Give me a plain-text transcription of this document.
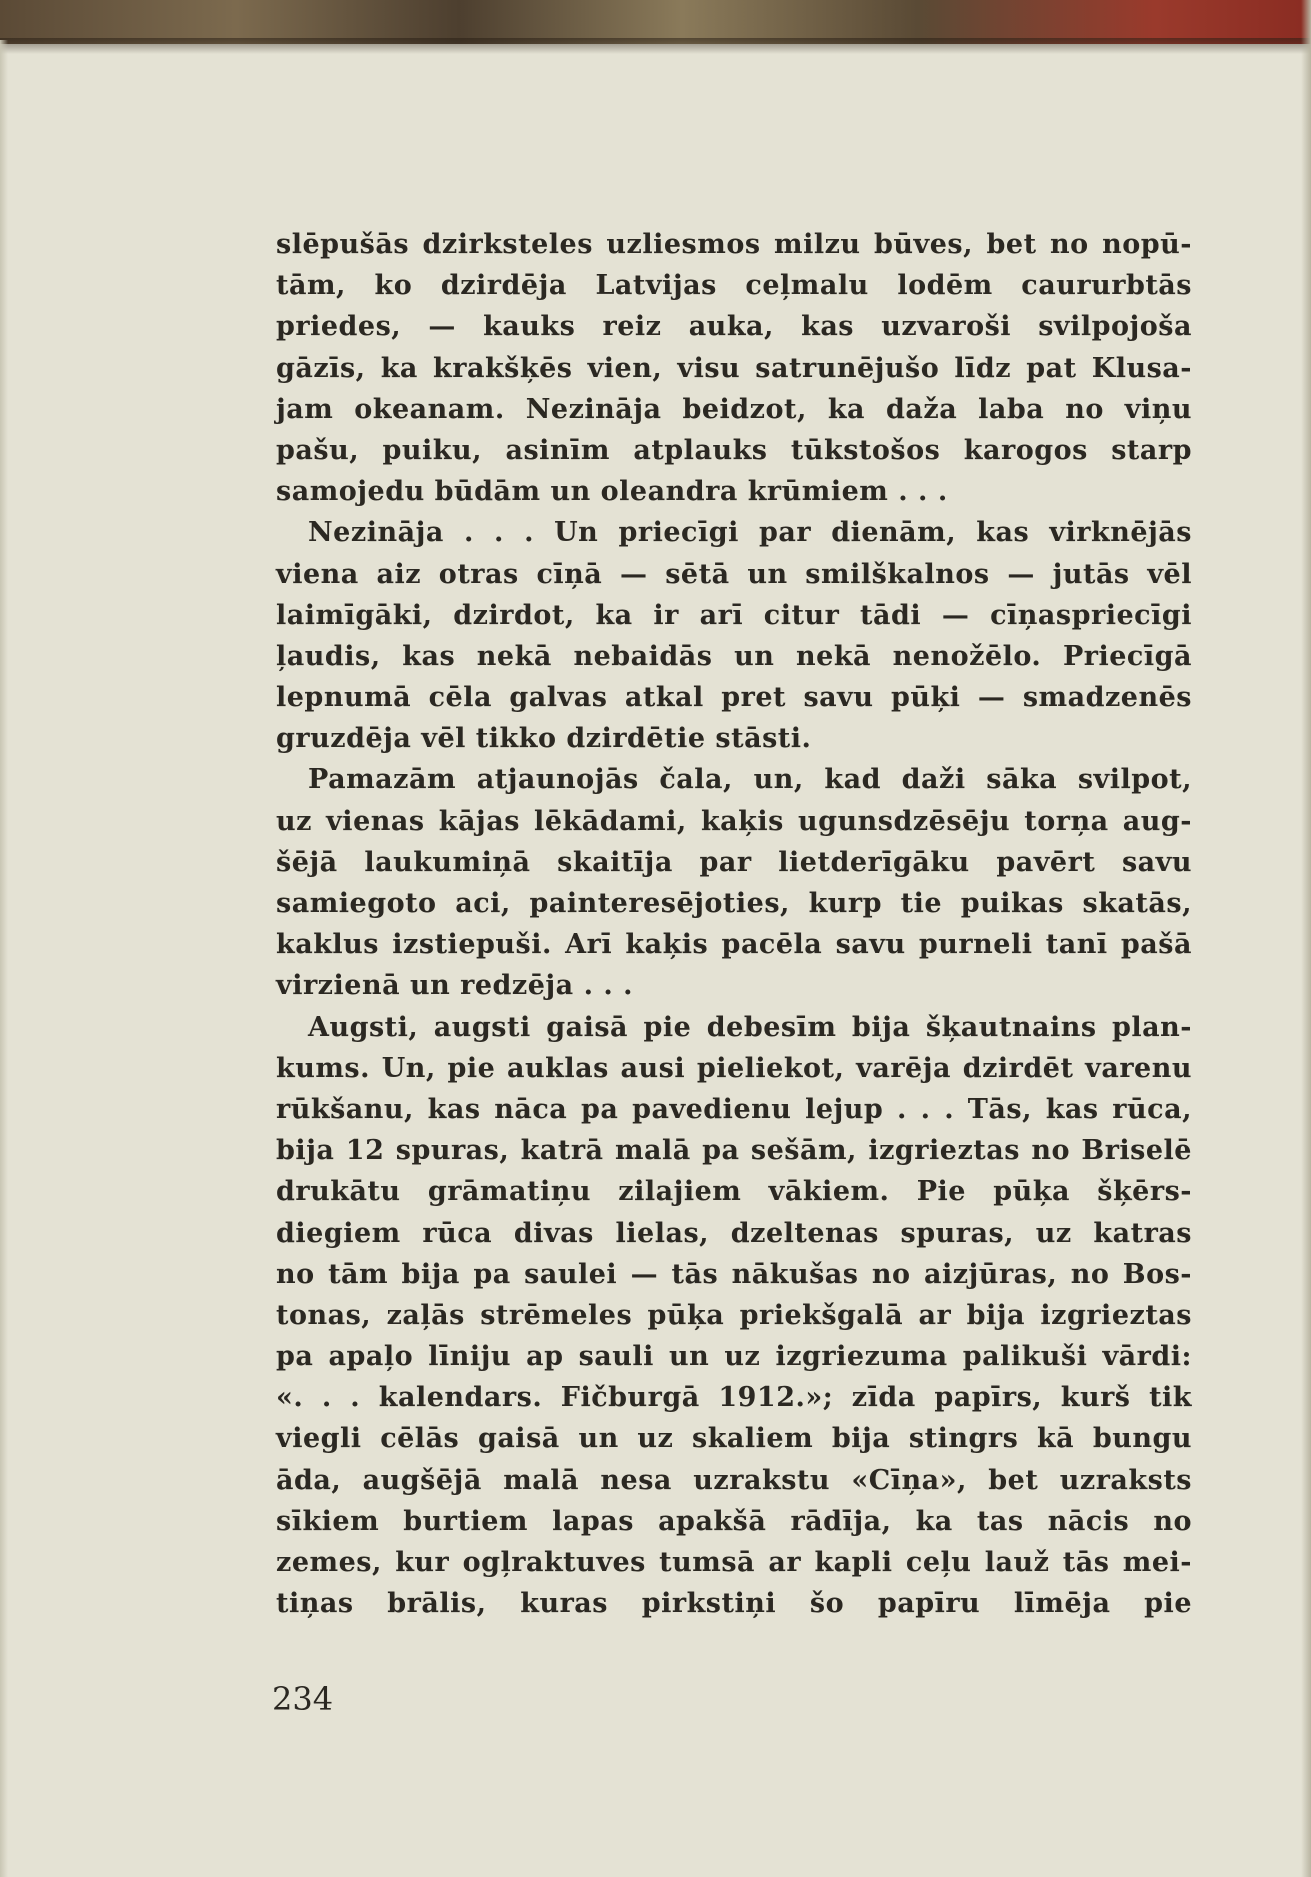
slēpušās dzirksteles uzliesmos milzu būves, bet no nopū-
tām, ko dzirdēja Latvijas ceļmalu lodēm caururbtās
priedes, — kauks reiz auka, kas uzvaroši svilpojoša
gāzīs, ka krakšķēs vien, visu satrunējušo līdz pat Klusa-
jam okeanam. Nezināja beidzot, ka daža laba no viņu
pašu, puiku, asinīm atplauks tūkstošos karogos starp
samojedu būdām un oleandra krūmiem . . .
Nezināja . . . Un priecīgi par dienām, kas virknējās
viena aiz otras cīņā — sētā un smilškalnos — jutās vēl
laimīgāki, dzirdot, ka ir arī citur tādi — cīņaspriecīgi
ļaudis, kas nekā nebaidās un nekā nenožēlo. Priecīgā
lepnumā cēla galvas atkal pret savu pūķi — smadzenēs
gruzdēja vēl tikko dzirdētie stāsti.
Pamazām atjaunojās čala, un, kad daži sāka svilpot,
uz vienas kājas lēkādami, kaķis ugunsdzēsēju torņa aug-
šējā laukumiņā skaitīja par lietderīgāku pavērt savu
samiegoto aci, painteresējoties, kurp tie puikas skatās,
kaklus izstiepuši. Arī kaķis pacēla savu purneli tanī pašā
virzienā un redzēja . . .
Augsti, augsti gaisā pie debesīm bija šķautnains plan-
kums. Un, pie auklas ausi pieliekot, varēja dzirdēt varenu
rūkšanu, kas nāca pa pavedienu lejup . . . Tās, kas rūca,
bija 12 spuras, katrā malā pa sešām, izgrieztas no Briselē
drukātu grāmatiņu zilajiem vākiem. Pie pūķa šķērs-
diegiem rūca divas lielas, dzeltenas spuras, uz katras
no tām bija pa saulei — tās nākušas no aizjūras, no Bos-
tonas, zaļās strēmeles pūķa priekšgalā ar bija izgrieztas
pa apaļo līniju ap sauli un uz izgriezuma palikuši vārdi:
«. . . kalendars. Fičburgā 1912.»; zīda papīrs, kurš tik
viegli cēlās gaisā un uz skaliem bija stingrs kā bungu
āda, augšējā malā nesa uzrakstu «Cīņa», bet uzraksts
sīkiem burtiem lapas apakšā rādīja, ka tas nācis no
zemes, kur ogļraktuves tumsā ar kapli ceļu lauž tās mei-
tiņas brālis, kuras pirkstiņi šo papīru līmēja pie
234
